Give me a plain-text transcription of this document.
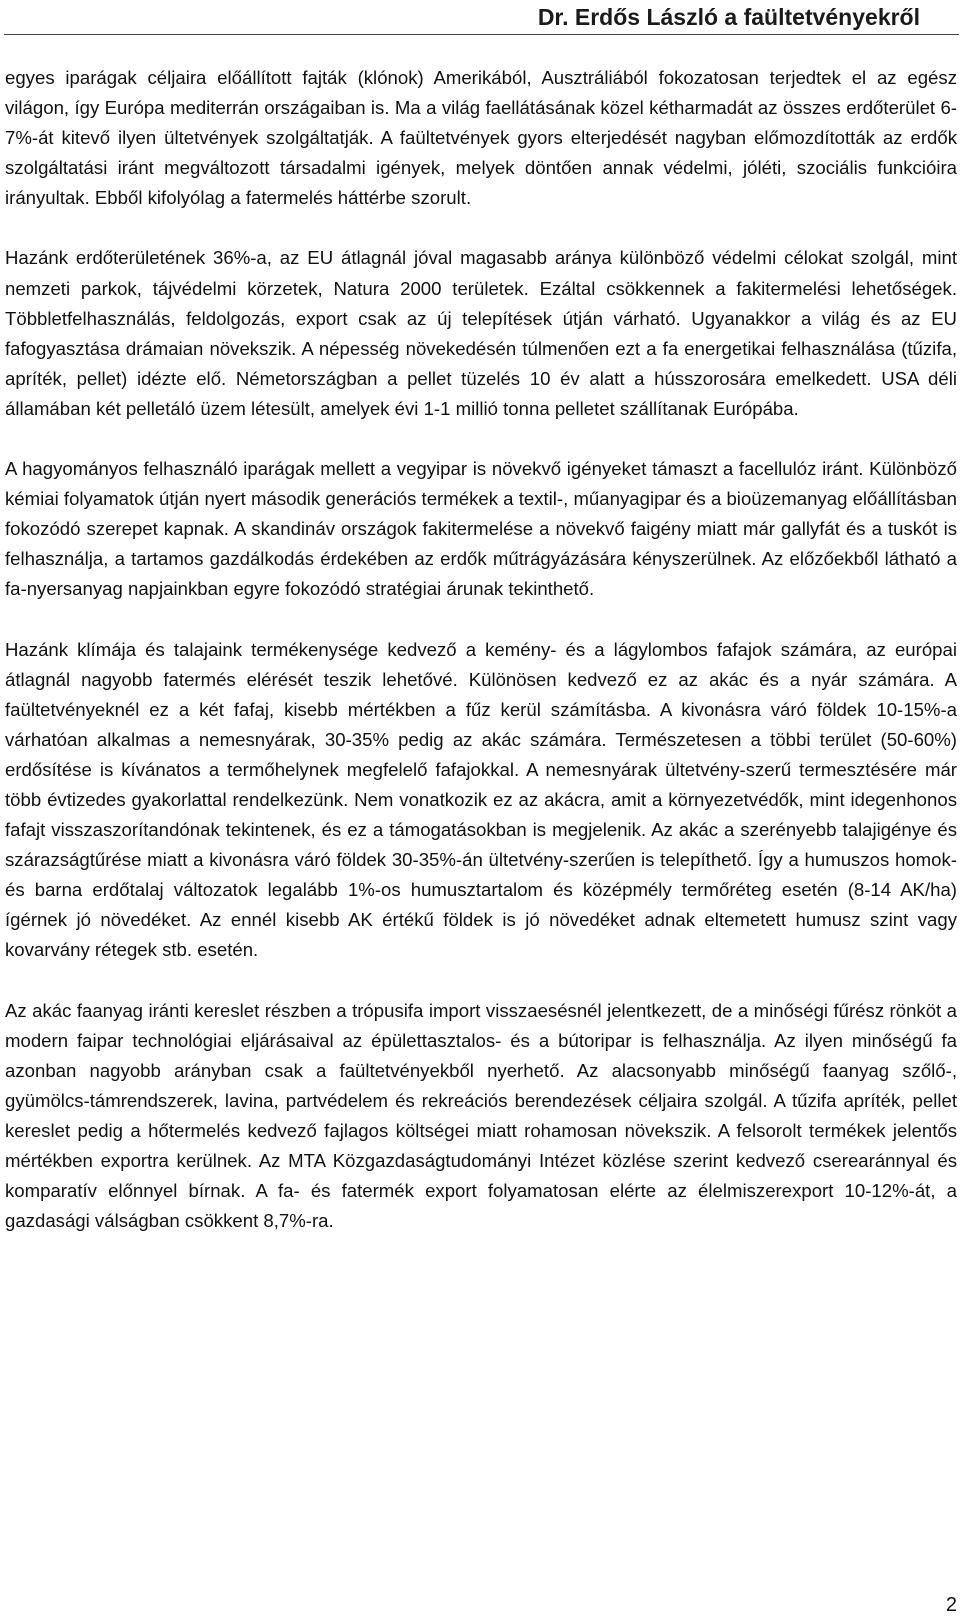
Dr. Erdős László a faültetvényekről

egyes iparágak céljaira előállított fajták (klónok) Amerikából, Ausztráliából fokozatosan terjedtek el az egész világon, így Európa mediterrán országaiban is. Ma a világ faellátásának közel kétharmadát az összes erdőterület 6-7%-át kitevő ilyen ültetvények szolgáltatják. A faültetvények gyors elterjedését nagyban előmozdították az erdők szolgáltatási iránt megváltozott társadalmi igények, melyek döntően annak védelmi, jóléti, szociális funkcióira irányultak. Ebből kifolyólag a fatermelés háttérbe szorult.

Hazánk erdőterületének 36%-a, az EU átlagnál jóval magasabb aránya különböző védelmi célokat szolgál, mint nemzeti parkok, tájvédelmi körzetek, Natura 2000 területek. Ezáltal csökkennek a fakitermelési lehetőségek. Többletfelhasználás, feldolgozás, export csak az új telepítések útján várható. Ugyanakkor a világ és az EU fafogyasztása drámaian növekszik. A népesség növekedésén túlmenően ezt a fa energetikai felhasználása (tűzifa, apríték, pellet) idézte elő. Németországban a pellet tüzelés 10 év alatt a hússzorosára emelkedett. USA déli államában két pelletáló üzem létesült, amelyek évi 1-1 millió tonna pelletet szállítanak Európába.

A hagyományos felhasználó iparágak mellett a vegyipar is növekvő igényeket támaszt a facellulóz iránt. Különböző kémiai folyamatok útján nyert második generációs termékek a textil-, műanyagipar és a bioüzemanyag előállításban fokozódó szerepet kapnak. A skandináv országok fakitermelése a növekvő faigény miatt már gallyfát és a tuskót is felhasználja, a tartamos gazdálkodás érdekében az erdők műtrágyázására kényszerülnek. Az előzőekből látható a fa-nyersanyag napjainkban egyre fokozódó stratégiai árunak tekinthető.

Hazánk klímája és talajaink termékenysége kedvező a kemény- és a lágylombos fafajok számára, az európai átlagnál nagyobb fatermés elérését teszik lehetővé. Különösen kedvező ez az akác és a nyár számára. A faültetvényeknél ez a két fafaj, kisebb mértékben a fűz kerül számításba. A kivonásra váró földek 10-15%-a várhatóan alkalmas a nemesnyárak, 30-35% pedig az akác számára. Természetesen a többi terület (50-60%) erdősítése is kívánatos a termőhelynek megfelelő fafajokkal. A nemesnyárak ültetvény-szerű termesztésére már több évtizedes gyakorlattal rendelkezünk. Nem vonatkozik ez az akácra, amit a környezetvédők, mint idegenhonos fafajt visszaszorítandónak tekintenek, és ez a támogatásokban is megjelenik. Az akác a szerényebb talajigénye és szárazságtűrése miatt a kivonásra váró földek 30-35%-án ültetvény-szerűen is telepíthető. Így a humuszos homok- és barna erdőtalaj változatok legalább 1%-os humusztartalom és középmély termőréteg esetén (8-14 AK/ha) ígérnek jó növedéket. Az ennél kisebb AK értékű földek is jó növedéket adnak eltemetett humusz szint vagy kovarvány rétegek stb. esetén.

Az akác faanyag iránti kereslet részben a trópusifa import visszaesésnél jelentkezett, de a minőségi fűrész rönköt a modern faipar technológiai eljárásaival az épülettasztalos- és a bútoripar is felhasználja. Az ilyen minőségű fa azonban nagyobb arányban csak a faültetvényekből nyerhető. Az alacsonyabb minőségű faanyag szőlő-, gyümölcs-támrendszerek, lavina, partvédelem és rekreációs berendezések céljaira szolgál. A tűzifa apríték, pellet kereslet pedig a hőtermelés kedvező fajlagos költségei miatt rohamosan növekszik. A felsorolt termékek jelentős mértékben exportra kerülnek. Az MTA Közgazdaságtudományi Intézet közlése szerint kedvező cserearánnyal és komparatív előnnyel bírnak. A fa- és fatermék export folyamatosan elérte az élelmiszerexport 10-12%-át, a gazdasági válságban csökkent 8,7%-ra.

2
